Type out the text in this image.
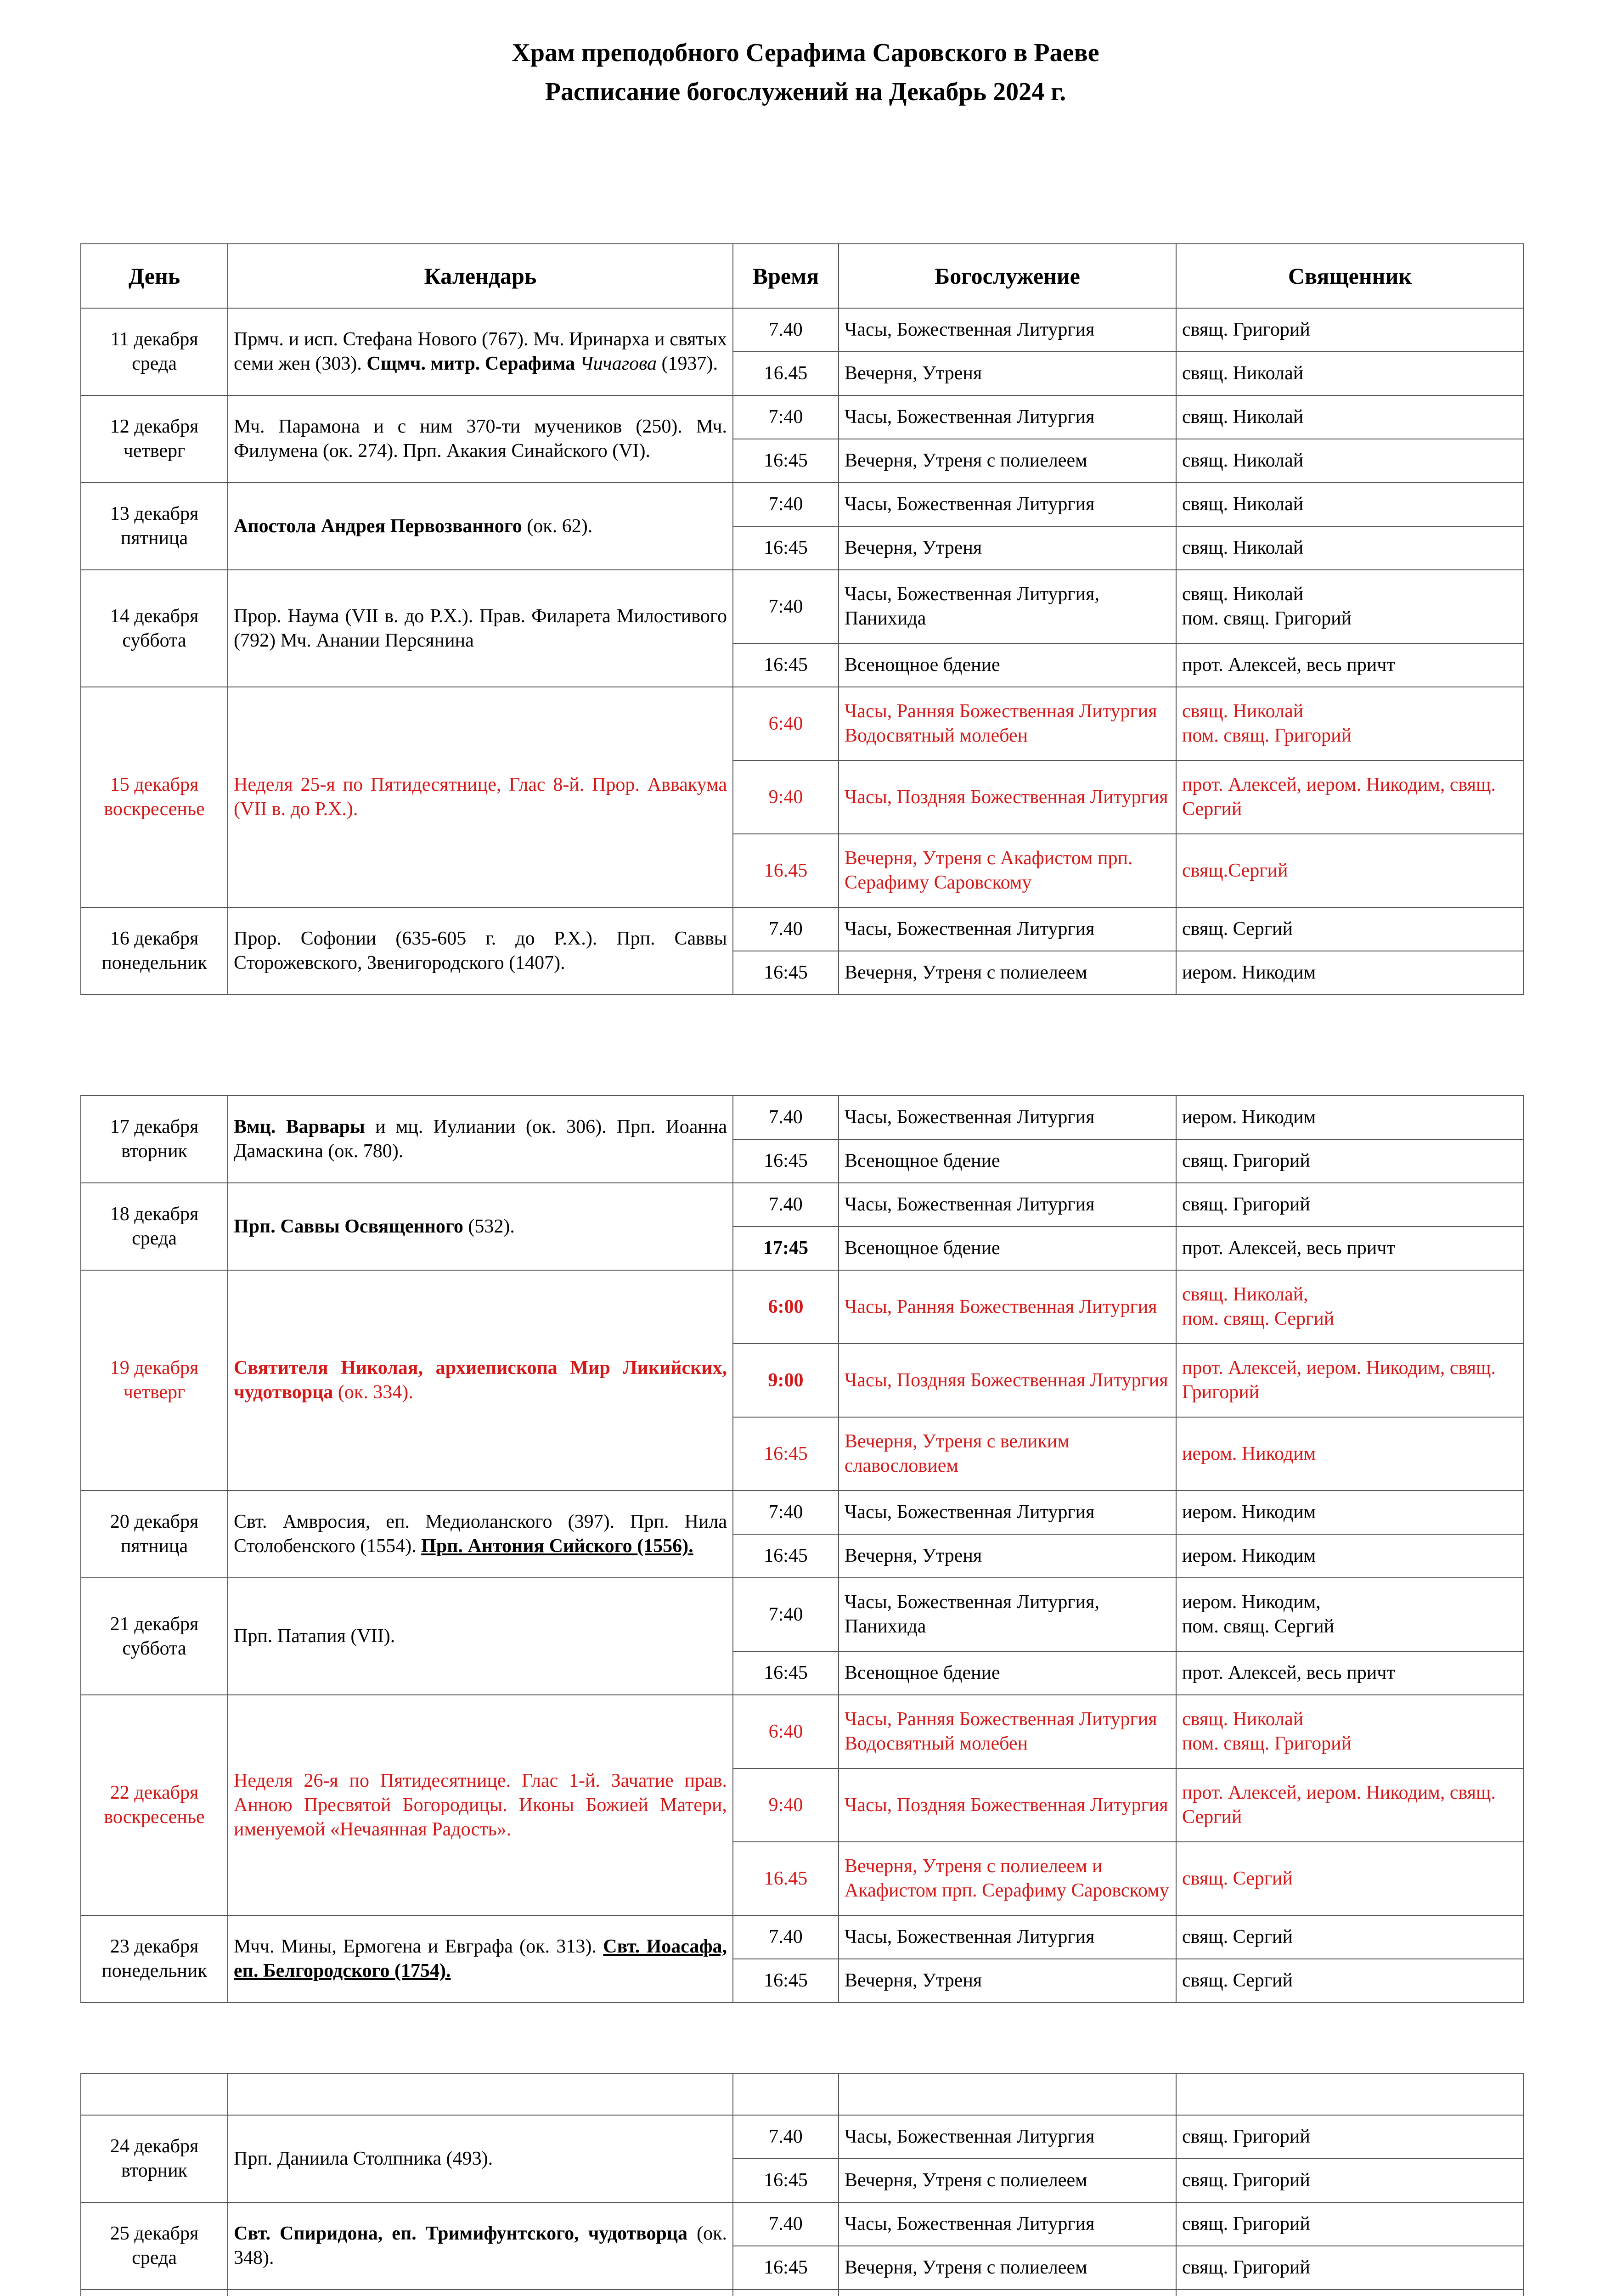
Храм преподобного Серафима Саровского в Раеве
Расписание богослужений на Декабрь 2024 г.
День	Календарь	Время	Богослужение	Священник
11 декабря
среда	Прмч. и исп. Стефана Нового (767). Мч. Иринарха и святых семи жен (303). Сщмч. митр. Серафима Чичагова (1937).	7.40	Часы, Божественная Литургия	свящ. Григорий
		16.45	Вечерня, Утреня	свящ. Николай
12 декабря
четверг	Мч. Парамона и с ним 370-ти мучеников (250). Мч. Филумена (ок. 274). Прп. Акакия Синайского (VI).	7:40	Часы, Божественная Литургия	свящ. Николай
		16:45	Вечерня, Утреня с полиелеем	свящ. Николай
13 декабря
пятница	Апостола Андрея Первозванного (ок. 62).	7:40	Часы, Божественная Литургия	свящ. Николай
		16:45	Вечерня, Утреня	свящ. Николай
14 декабря
суббота	Прор. Наума (VII в. до Р.Х.). Прав. Филарета Милостивого (792) Мч. Анании Персянина	7:40	Часы, Божественная Литургия, Панихида	свящ. Николай
пом. свящ. Григорий
		16:45	Всенощное бдение	прот. Алексей, весь причт
15 декабря
воскресенье	Неделя 25-я по Пятидесятнице, Глас 8-й. Прор. Аввакума (VII в. до Р.Х.).	6:40	Часы, Ранняя Божественная Литургия
Водосвятный молебен	свящ. Николай
пом. свящ. Григорий
		9:40	Часы, Поздняя Божественная Литургия	прот. Алексей, иером. Никодим, свящ. Сергий
		16.45	Вечерня, Утреня с Акафистом прп. Серафиму Саровскому	свящ.Сергий
16 декабря
понедельник	Прор. Софонии (635-605 г. до Р.Х.). Прп. Саввы Сторожевского, Звенигородского (1407).	7.40	Часы, Божественная Литургия	свящ. Сергий
		16:45	Вечерня, Утреня с полиелеем	иером. Никодим
17 декабря
вторник	Вмц. Варвары и мц. Иулиании (ок. 306). Прп. Иоанна Дамаскина (ок. 780).	7.40	Часы, Божественная Литургия	иером. Никодим
		16:45	Всенощное бдение	свящ. Григорий
18 декабря
среда	Прп. Саввы Освященного (532).	7.40	Часы, Божественная Литургия	свящ. Григорий
		17:45	Всенощное бдение	прот. Алексей, весь причт
19 декабря
четверг	Святителя Николая, архиепископа Мир Ликийских, чудотворца (ок. 334).	6:00	Часы, Ранняя Божественная Литургия	свящ. Николай,
пом. свящ. Сергий
		9:00	Часы, Поздняя Божественная Литургия	прот. Алексей, иером. Никодим, свящ. Григорий
		16:45	Вечерня, Утреня с великим славословием	иером. Никодим
20 декабря
пятница	Свт. Амвросия, еп. Медиоланского (397). Прп. Нила Столобенского (1554). Прп. Антония Сийского (1556).	7:40	Часы, Божественная Литургия	иером. Никодим
		16:45	Вечерня, Утреня	иером. Никодим
21 декабря
суббота	Прп. Патапия (VII).	7:40	Часы, Божественная Литургия, Панихида	иером. Никодим,
пом. свящ. Сергий
		16:45	Всенощное бдение	прот. Алексей, весь причт
22 декабря
воскресенье	Неделя 26-я по Пятидесятнице. Глас 1-й. Зачатие прав. Анною Пресвятой Богородицы. Иконы Божией Матери, именуемой «Нечаянная Радость».	6:40	Часы, Ранняя Божественная Литургия
Водосвятный молебен	свящ. Николай
пом. свящ. Григорий
		9:40	Часы, Поздняя Божественная Литургия	прот. Алексей, иером. Никодим, свящ. Сергий
		16.45	Вечерня, Утреня с полиелеем и Акафистом прп. Серафиму Саровскому	свящ. Сергий
23 декабря
понедельник	Мчч. Мины, Ермогена и Евграфа (ок. 313). Свт. Иоасафа, еп. Белгородского (1754).	7.40	Часы, Божественная Литургия	свящ. Сергий
		16:45	Вечерня, Утреня	свящ. Сергий

24 декабря
вторник	Прп. Даниила Столпника (493).	7.40	Часы, Божественная Литургия	свящ. Григорий
		16:45	Вечерня, Утреня с полиелеем	свящ. Григорий
25 декабря
среда	Свт. Спиридона, еп. Тримифунтского, чудотворца (ок. 348).	7.40	Часы, Божественная Литургия	свящ. Григорий
		16:45	Вечерня, Утреня с полиелеем	свящ. Григорий
